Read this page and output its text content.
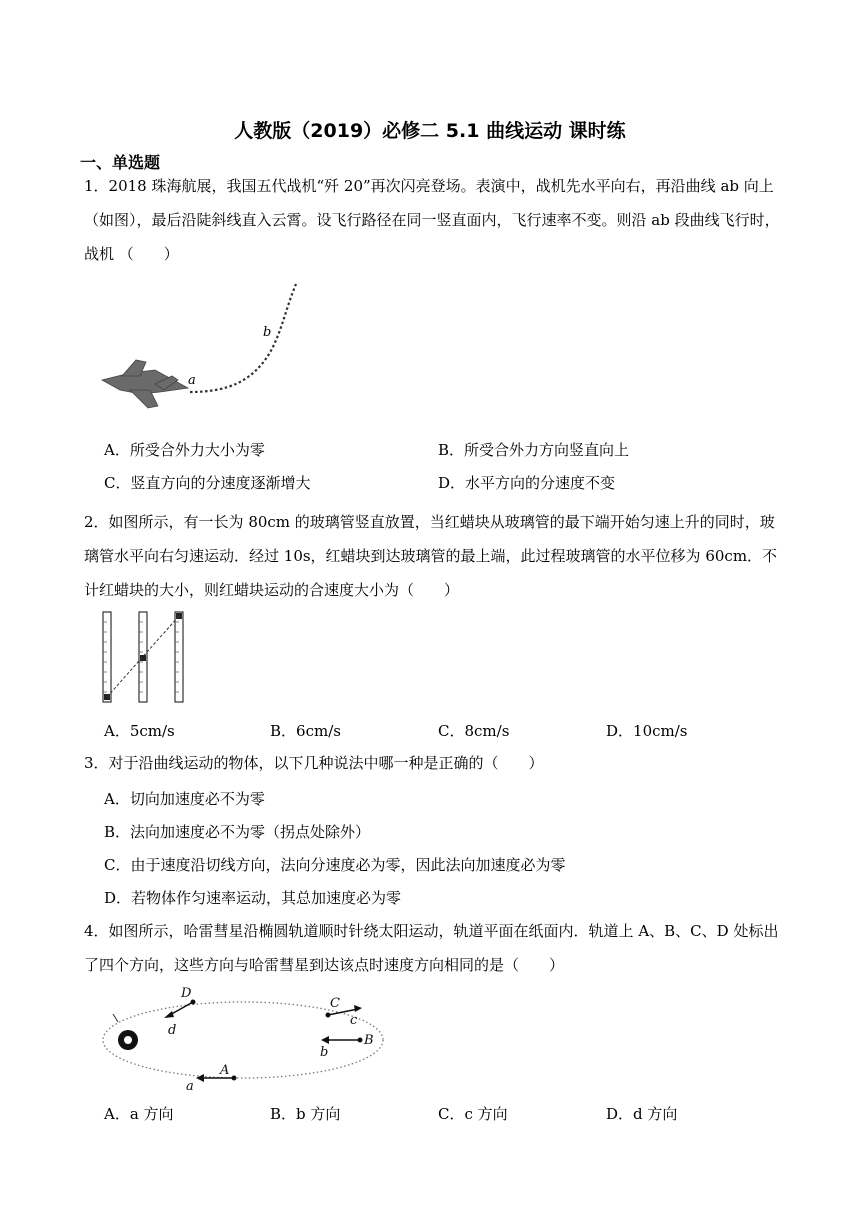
人教版（2019）必修二 5.1 曲线运动 课时练
一、单选题

1．2018 珠海航展，我国五代战机“歼 20”再次闪亮登场。表演中，战机先水平向右，再沿曲线 ab 向上（如图），最后沿陡斜线直入云霄。设飞行路径在同一竖直面内，飞行速率不变。则沿 ab 段曲线飞行时，战机 （　　）

a
b
A．所受合外力大小为零	B．所受合外力方向竖直向上
C．竖直方向的分速度逐渐增大	D．水平方向的分速度不变

2．如图所示，有一长为 80cm 的玻璃管竖直放置，当红蜡块从玻璃管的最下端开始匀速上升的同时，玻璃管水平向右匀速运动．经过 10s，红蜡块到达玻璃管的最上端，此过程玻璃管的水平位移为 60cm．不计红蜡块的大小，则红蜡块运动的合速度大小为（　　）

A．5cm/s	B．6cm/s	C．8cm/s	D．10cm/s

3．对于沿曲线运动的物体，以下几种说法中哪一种是正确的（　　）

A．切向加速度必不为零
B．法向加速度必不为零（拐点处除外）
C．由于速度沿切线方向，法向分速度必为零，因此法向加速度必为零
D．若物体作匀速率运动，其总加速度必为零

4．如图所示，哈雷彗星沿椭圆轨道顺时针绕太阳运动，轨道平面在纸面内．轨道上 A、B、C、D 处标出了四个方向，这些方向与哈雷彗星到达该点时速度方向相同的是（　　）

D
d
C
c
B
b
A
a
A．a 方向	B．b 方向	C．c 方向	D．d 方向
